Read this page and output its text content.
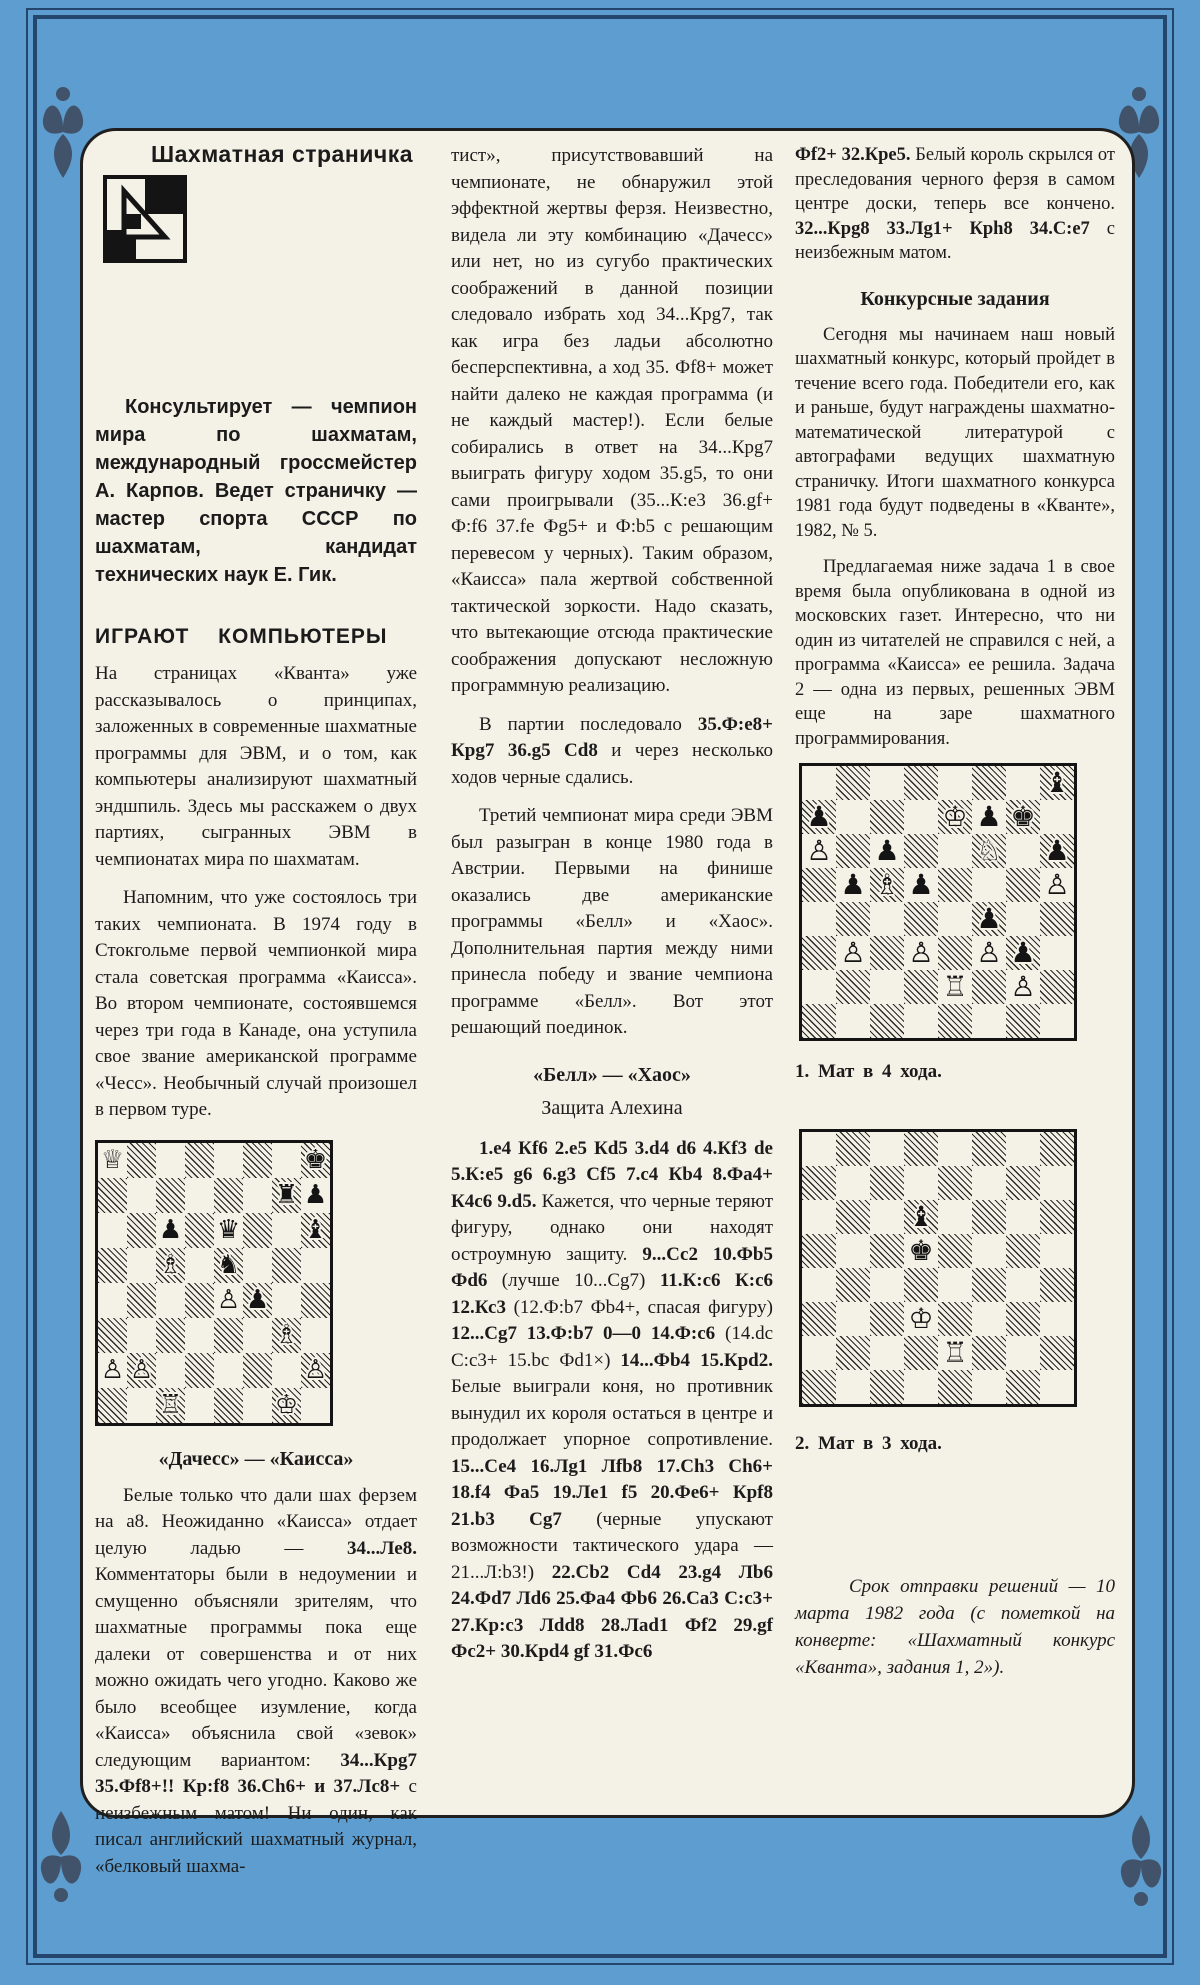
Шахматная страничка
Консультирует — чемпион мира по шахматам, международный гроссмейстер А. Карпов. Ведет страничку — мастер спорта СССР по шахматам, кандидат технических наук Е. Гик.
ИГРАЮТ КОМПЬЮТЕРЫ
На страницах «Кванта» уже рассказывалось о принципах, заложенных в современные шахматные программы для ЭВМ, и о том, как компьютеры анализируют шахматный эндшпиль. Здесь мы расскажем о двух партиях, сыгранных ЭВМ в чемпионатах мира по шахматам.
Напомним, что уже состоялось три таких чемпионата. В 1974 году в Стокгольме первой чемпионкой мира стала советская программа «Каисса». Во втором чемпионате, состоявшемся через три года в Канаде, она уступила свое звание американской программе «Чесс». Необычный случай произошел в первом туре.
♕	♚
♜ ♟
♟ ♛ ♝
♗ ♞
♙ ♟
♗
♙ ♙	♙
♖	♔
«Дачесс» — «Каисса»
Белые только что дали шах ферзем на а8. Неожиданно «Каисса» отдает целую ладью — 34...Ле8. Комментаторы были в недоумении и смущенно объясняли зрителям, что шахматные программы пока еще далеки от совершенства и от них можно ожидать чего угодно. Каково же было всеобщее изумление, когда «Каисса» объяснила свой «зевок» следующим вариантом: 34...Крg7 35.Фf8+!! Кр:f8 36.Сh6+ и 37.Лс8+ с неизбежным матом! Ни один, как писал английский шахматный журнал, «белковый шахма-
тист», присутствовавший на чемпионате, не обнаружил этой эффектной жертвы ферзя. Неизвестно, видела ли эту комбинацию «Дачесс» или нет, но из сугубо практических соображений в данной позиции следовало избрать ход 34...Крg7, так как игра без ладьи абсолютно бесперспективна, а ход 35. Фf8+ может найти далеко не каждая программа (и не каждый мастер!). Если белые собирались в ответ на 34...Крg7 выиграть фигуру ходом 35.g5, то они сами проигрывали (35...К:е3 36.gf+ Ф:f6 37.fe Фg5+ и Ф:b5 с решающим перевесом у черных). Таким образом, «Каисса» пала жертвой собственной тактической зоркости. Надо сказать, что вытекающие отсюда практические соображения допускают несложную программную реализацию.
В партии последовало 35.Ф:е8+ Крg7 36.g5 Сd8 и через несколько ходов черные сдались.
Третий чемпионат мира среди ЭВМ был разыгран в конце 1980 года в Австрии. Первыми на финише оказались две американские программы «Белл» и «Хаос». Дополнительная партия между ними принесла победу и звание чемпиона программе «Белл». Вот этот решающий поединок.
«Белл» — «Хаос»
Защита Алехина
1.е4 Кf6 2.е5 Кd5 3.d4 d6 4.Кf3 de 5.К:е5 g6 6.g3 Сf5 7.с4 Кb4 8.Фа4+ К4с6 9.d5. Кажется, что черные теряют фигуру, однако они находят остроумную защиту. 9...Сс2 10.Фb5 Фd6 (лучше 10...Сg7) 11.К:с6 К:с6 12.Кс3 (12.Ф:b7 Фb4+, спасая фигуру) 12...Сg7 13.Ф:b7 0—0 14.Ф:с6 (14.dc С:с3+ 15.bc Фd1×) 14...Фb4 15.Крd2. Белые выиграли коня, но противник вынудил их короля остаться в центре и продолжает упорное сопротивление. 15...Се4 16.Лg1 Лfb8 17.Сh3 Сh6+ 18.f4 Фа5 19.Ле1 f5 20.Фе6+ Крf8 21.b3 Сg7 (черные упускают возможности тактического удара — 21...Л:b3!) 22.Сb2 Сd4 23.g4 Лb6 24.Фd7 Лd6 25.Фа4 Фb6 26.Са3 С:с3+ 27.Кр:с3 Лdd8 28.Лad1 Фf2 29.gf Фс2+ 30.Крd4 gf 31.Фс6
Фf2+ 32.Кре5. Белый король скрылся от преследования черного ферзя в самом центре доски, теперь все кончено. 32...Крg8 33.Лg1+ Крh8 34.С:е7 с неизбежным матом.
Конкурсные задания
Сегодня мы начинаем наш новый шахматный конкурс, который пройдет в течение всего года. Победители его, как и раньше, будут награждены шахматно-математической литературой с автографами ведущих шахматную страничку. Итоги шахматного конкурса 1981 года будут подведены в «Кванте», 1982, № 5.
Предлагаемая ниже задача 1 в свое время была опубликована в одной из московских газет. Интересно, что ни один из читателей не справился с ней, а программа «Каисса» ее решила. Задача 2 — одна из первых, решенных ЭВМ еще на заре шахматного программирования.
♝
♟	♔ ♟ ♚
♙ ♟	♘ ♟
♟ ♗ ♟	♙
♟
♙ ♙ ♙ ♟
♖ ♙
1. Мат в 4 хода.
♝
♚
♔
♖
2. Мат в 3 хода.
Срок отправки решений — 10 марта 1982 года (с пометкой на конверте: «Шахматный конкурс «Кванта», задания 1, 2»).
